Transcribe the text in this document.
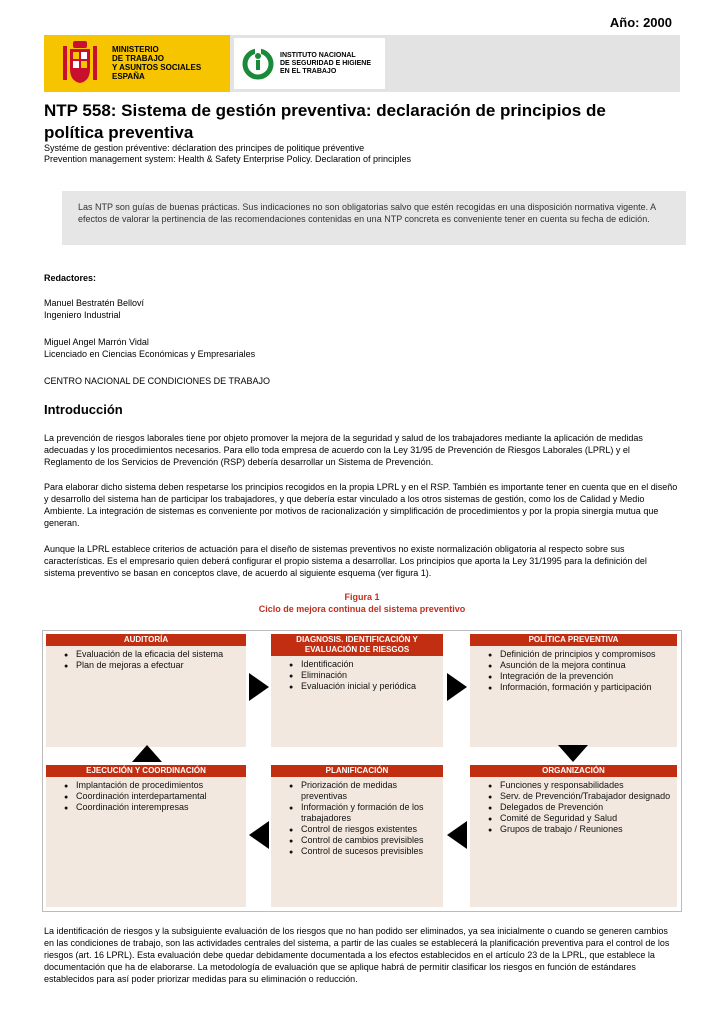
Año: 2000
MINISTERIO
DE TRABAJO
Y ASUNTOS SOCIALES
ESPAÑA
INSTITUTO NACIONAL
DE SEGURIDAD E HIGIENE
EN EL TRABAJO
NTP 558: Sistema de gestión preventiva: declaración de principios de política preventiva
Systéme de gestion préventive: déclaration des principes de politique préventive
Prevention management system: Health & Safety Enterprise Policy. Declaration of principles

Las NTP son guías de buenas prácticas. Sus indicaciones no son obligatorias salvo que estén recogidas en una disposición normativa vigente. A efectos de valorar la pertinencia de las recomendaciones contenidas en una NTP concreta es conveniente tener en cuenta su fecha de edición.

Redactores:
Manuel Bestratén Belloví
Ingeniero Industrial
Miguel Angel Marrón Vidal
Licenciado en Ciencias Económicas y Empresariales
CENTRO NACIONAL DE CONDICIONES DE TRABAJO
Introducción

La prevención de riesgos laborales tiene por objeto promover la mejora de la seguridad y salud de los trabajadores mediante la aplicación de medidas adecuadas y los procedimientos necesarios. Para ello toda empresa de acuerdo con la Ley 31/95 de Prevención de Riesgos Laborales (LPRL) y el Reglamento de los Servicios de Prevención (RSP) debería desarrollar un Sistema de Prevención.

Para elaborar dicho sistema deben respetarse los principios recogidos en la propia LPRL y en el RSP. También es importante tener en cuenta que en el diseño y desarrollo del sistema han de participar los trabajadores, y que debería estar vinculado a los otros sistemas de gestión, como los de Calidad y Medio Ambiente. La integración de sistemas es conveniente por motivos de racionalización y simplificación de procedimientos y por la propia sinergia mutua que generan.

Aunque la LPRL establece criterios de actuación para el diseño de sistemas preventivos no existe normalización obligatoria al respecto sobre sus características. Es el empresario quien deberá configurar el propio sistema a desarrollar. Los principios que aporta la Ley 31/1995 para la definición del sistema preventivo se basan en conceptos clave, de acuerdo al siguiente esquema (ver figura 1).

Figura 1
Ciclo de mejora continua del sistema preventivo
AUDITORÍA
● Evaluación de la eficacia del sistema
● Plan de mejoras a efectuar
DIAGNOSIS. IDENTIFICACIÓN Y EVALUACIÓN DE RIESGOS
● Identificación
● Eliminación
● Evaluación inicial y periódica
POLÍTICA PREVENTIVA
● Definición de principios y compromisos
● Asunción de la mejora continua
● Integración de la prevención
● Información, formación y participación
EJECUCIÓN Y COORDINACIÓN
● Implantación de procedimientos
● Coordinación interdepartamental
● Coordinación interempresas
PLANIFICACIÓN
● Priorización de medidas preventivas
● Información y formación de los trabajadores
● Control de riesgos existentes
● Control de cambios previsibles
● Control de sucesos previsibles
ORGANIZACIÓN
● Funciones y responsabilidades
● Serv. de Prevención/Trabajador designado
● Delegados de Prevención
● Comité de Seguridad y Salud
● Grupos de trabajo / Reuniones

La identificación de riesgos y la subsiguiente evaluación de los riesgos que no han podido ser eliminados, ya sea inicialmente o cuando se generen cambios en las condiciones de trabajo, son las actividades centrales del sistema, a partir de las cuales se establecerá la planificación preventiva para el control de los riesgos (art. 16 LPRL). Esta evaluación debe quedar debidamente documentada a los efectos establecidos en el artículo 23 de la LPRL, que establece la documentación que ha de elaborarse. La metodología de evaluación que se aplique habrá de permitir clasificar los riesgos en función de estándares establecidos para así poder priorizar medidas para su eliminación o reducción.
